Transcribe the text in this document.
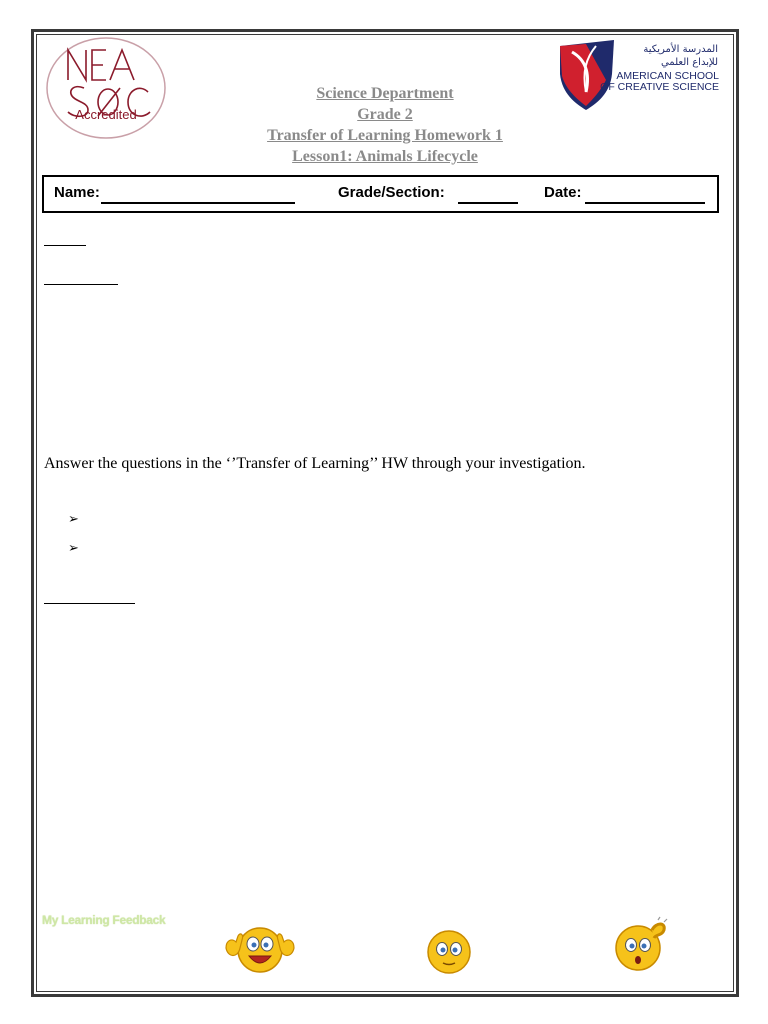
Accredited
المدرسة الأمريكية
للإبداع العلمي
AMERICAN SCHOOL
OF CREATIVE SCIENCE
Science Department
Grade 2
Transfer of Learning Homework 1
Lesson1: Animals Lifecycle
Name:	Grade/Section:	Date:
Answer the questions in the ‘’Transfer of Learning’’ HW through your investigation.
➢
➢
My Learning Feedback
